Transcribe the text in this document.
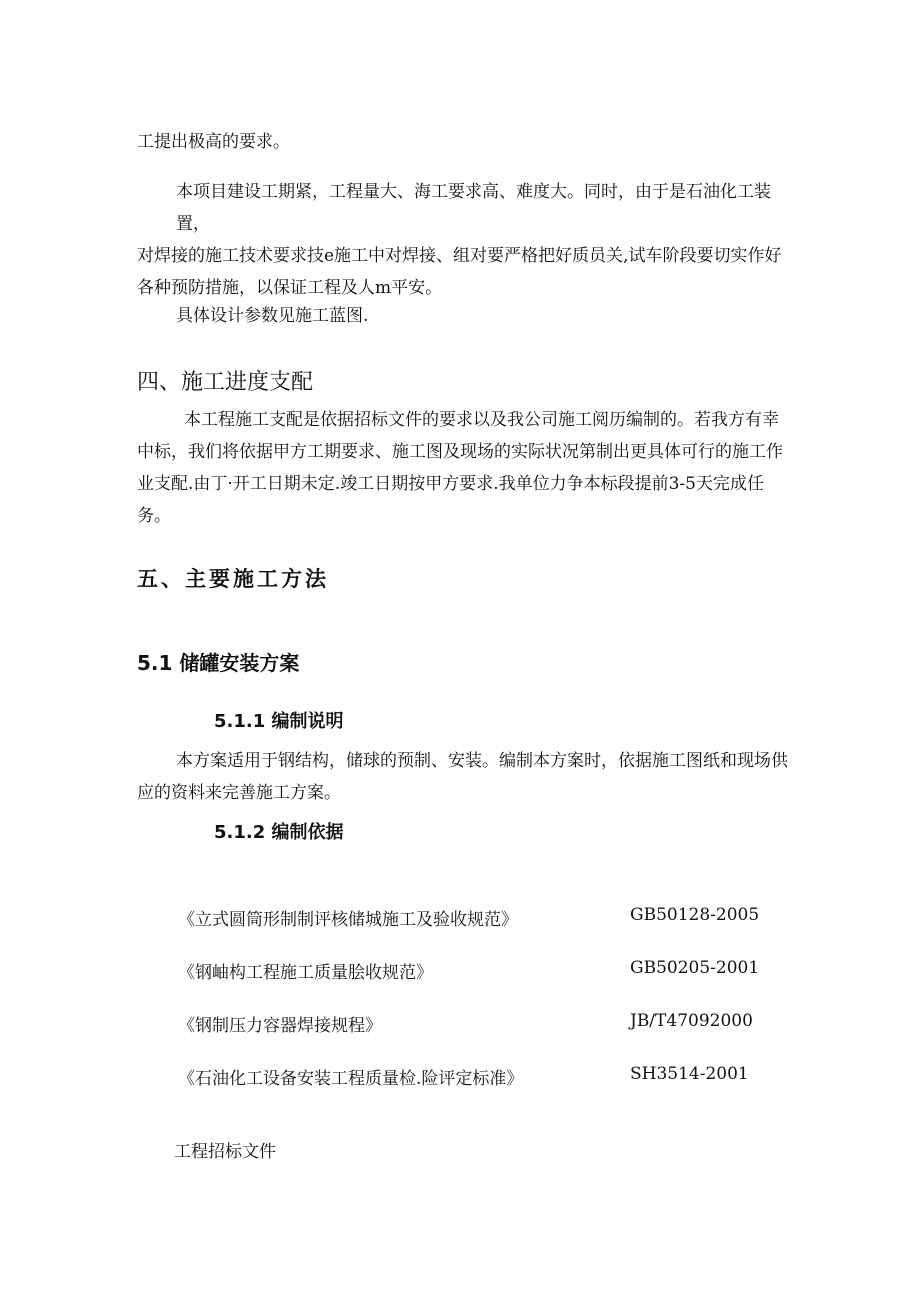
工提出极高的要求。

本项目建设工期紧，工程量大、海工要求高、难度大。同时，由于是石油化工装置，
对焊接的施工技术要求技e施工中对焊接、组对要严格把好质员关,试车阶段要切实作好
各种预防措施，以保证工程及人m平安。

具体设计参数见施工蓝图.

四、施工进度支配

本工程施工支配是依据招标文件的要求以及我公司施工阅历编制的。若我方有幸
中标，我们将依据甲方工期要求、施工图及现场的实际状况第制出更具体可行的施工作
业支配.由丁·开工日期未定.竣工日期按甲方要求.我单位力争本标段提前3-5天完成任务。

五、主要施工方法
5.1 储罐安装方案
5.1.1 编制说明

本方案适用于钢结构，储球的预制、安装。编制本方案时，依据施工图纸和现场供
应的资料来完善施工方案。

5.1.2 编制依据
《立式圆筒形制制评核储城施工及验收规范》	GB50128-2005
《钢岫构工程施工质量脍收规范》	GB50205-2001
《钢制压力容器焊接规程》	JB/T47092000
《石油化工设备安装工程质量检.险评定标准》	SH3514-2001

工程招标文件
